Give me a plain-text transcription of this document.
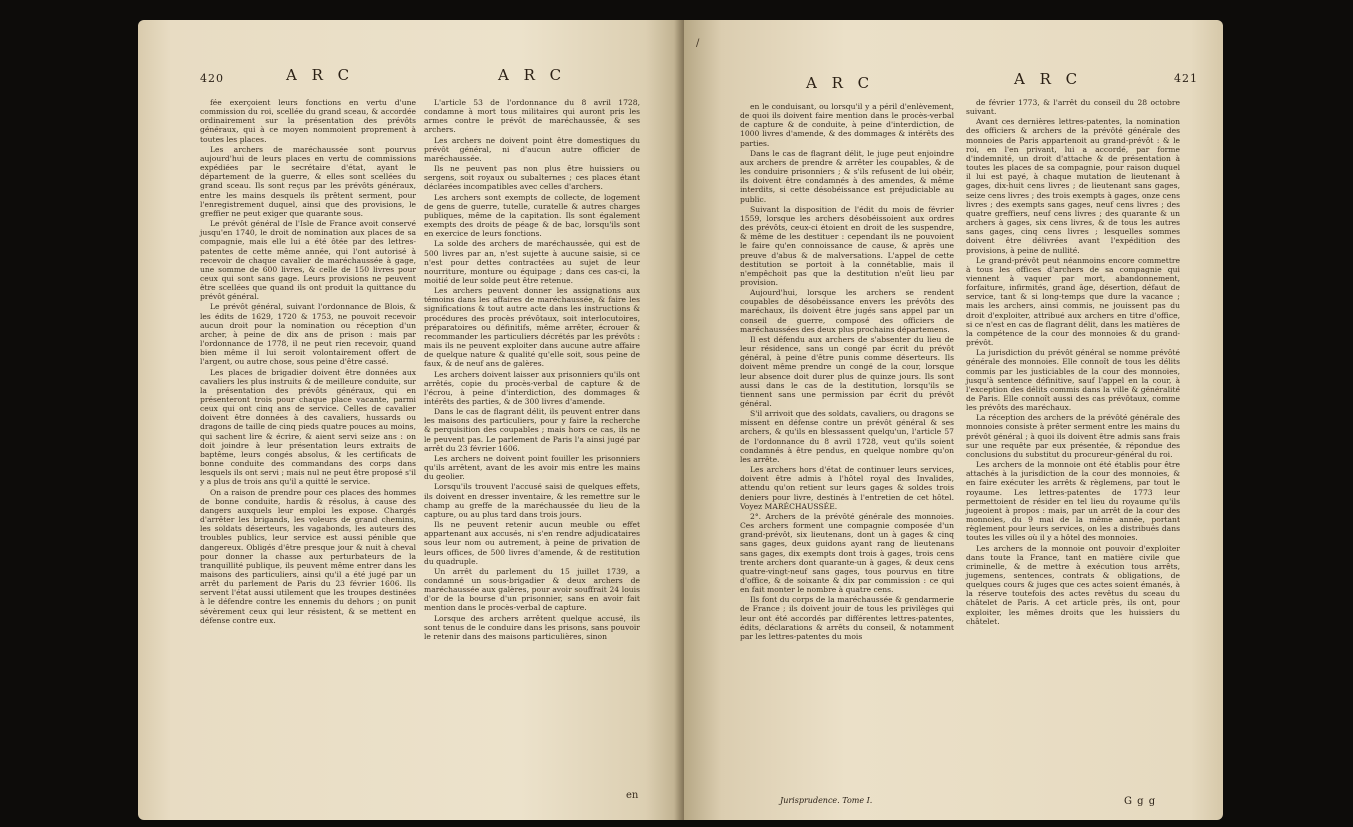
420	A R C	A R C

fée exerçoient leurs fonctions en vertu d'une commission du roi, scellée du grand sceau, & accordée ordinairement sur la présentation des prévôts généraux, qui à ce moyen nommoient proprement à toutes les places.

Les archers de maréchaussée sont pourvus aujourd'hui de leurs places en vertu de commissions expédiées par le secrétaire d'état, ayant le département de la guerre, & elles sont scellées du grand sceau. Ils sont reçus par les prévôts généraux, entre les mains desquels ils prêtent serment, pour l'enregistrement duquel, ainsi que des provisions, le greffier ne peut exiger que quarante sous.

Le prévôt général de l'Isle de France avoit conservé jusqu'en 1740, le droit de nomination aux places de sa compagnie, mais elle lui a été ôtée par des lettres-patentes de cette même année, qui l'ont autorisé à recevoir de chaque cavalier de maréchaussée à gage, une somme de 600 livres, & celle de 150 livres pour ceux qui sont sans gage. Leurs provisions ne peuvent être scellées que quand ils ont produit la quittance du prévôt général.

Le prévôt général, suivant l'ordonnance de Blois, & les édits de 1629, 1720 & 1753, ne pouvoit recevoir aucun droit pour la nomination ou réception d'un archer, à peine de dix ans de prison : mais par l'ordonnance de 1778, il ne peut rien recevoir, quand bien même il lui seroit volontairement offert de l'argent, ou autre chose, sous peine d'être cassé.

Les places de brigadier doivent être données aux cavaliers les plus instruits & de meilleure conduite, sur la présentation des prévôts généraux, qui en présenteront trois pour chaque place vacante, parmi ceux qui ont cinq ans de service. Celles de cavalier doivent être données à des cavaliers, hussards ou dragons de taille de cinq pieds quatre pouces au moins, qui sachent lire & écrire, & aient servi seize ans : on doit joindre à leur présentation leurs extraits de baptême, leurs congés absolus, & les certificats de bonne conduite des commandans des corps dans lesquels ils ont servi ; mais nul ne peut être proposé s'il y a plus de trois ans qu'il a quitté le service.

On a raison de prendre pour ces places des hommes de bonne conduite, hardis & résolus, à cause des dangers auxquels leur emploi les expose. Chargés d'arrêter les brigands, les voleurs de grand chemins, les soldats déserteurs, les vagabonds, les auteurs des troubles publics, leur service est aussi pénible que dangereux. Obligés d'être presque jour & nuit à cheval pour donner la chasse aux perturbateurs de la tranquillité publique, ils peuvent même entrer dans les maisons des particuliers, ainsi qu'il a été jugé par un arrêt du parlement de Paris du 23 février 1606. Ils servent l'état aussi utilement que les troupes destinées à le défendre contre les ennemis du dehors ; on punit sévèrement ceux qui leur résistent, & se mettent en défense contre eux.

L'article 53 de l'ordonnance du 8 avril 1728, condamne à mort tous militaires qui auront pris les armes contre le prévôt de maréchaussée, & ses archers.

Les archers ne doivent point être domestiques du prévôt général, ni d'aucun autre officier de maréchaussée.

Ils ne peuvent pas non plus être huissiers ou sergens, soit royaux ou subalternes ; ces places étant déclarées incompatibles avec celles d'archers.

Les archers sont exempts de collecte, de logement de gens de guerre, tutelle, curatelle & autres charges publiques, même de la capitation. Ils sont également exempts des droits de péage & de bac, lorsqu'ils sont en exercice de leurs fonctions.

La solde des archers de maréchaussée, qui est de 500 livres par an, n'est sujette à aucune saisie, si ce n'est pour dettes contractées au sujet de leur nourriture, monture ou équipage ; dans ces cas-ci, la moitié de leur solde peut être retenue.

Les archers peuvent donner les assignations aux témoins dans les affaires de maréchaussée, & faire les significations & tout autre acte dans les instructions & procédures des procès prévôtaux, soit interlocutoires, préparatoires ou définitifs, même arrêter, écrouer & recommander les particuliers décrétés par les prévôts : mais ils ne peuvent exploiter dans aucune autre affaire de quelque nature & qualité qu'elle soit, sous peine de faux, & de neuf ans de galères.

Les archers doivent laisser aux prisonniers qu'ils ont arrêtés, copie du procès-verbal de capture & de l'écrou, à peine d'interdiction, des dommages & intérêts des parties, & de 300 livres d'amende.

Dans le cas de flagrant délit, ils peuvent entrer dans les maisons des particuliers, pour y faire la recherche & perquisition des coupables ; mais hors ce cas, ils ne le peuvent pas. Le parlement de Paris l'a ainsi jugé par arrêt du 23 février 1606.

Les archers ne doivent point fouiller les prisonniers qu'ils arrêtent, avant de les avoir mis entre les mains du geolier.

Lorsqu'ils trouvent l'accusé saisi de quelques effets, ils doivent en dresser inventaire, & les remettre sur le champ au greffe de la maréchaussée du lieu de la capture, ou au plus tard dans trois jours.

Ils ne peuvent retenir aucun meuble ou effet appartenant aux accusés, ni s'en rendre adjudicataires sous leur nom ou autrement, à peine de privation de leurs offices, de 500 livres d'amende, & de restitution du quadruple.

Un arrêt du parlement du 15 juillet 1739, a condamné un sous-brigadier & deux archers de maréchaussée aux galères, pour avoir souffrait 24 louis d'or de la bourse d'un prisonnier, sans en avoir fait mention dans le procès-verbal de capture.

Lorsque des archers arrêtent quelque accusé, ils sont tenus de le conduire dans les prisons, sans pouvoir le retenir dans des maisons particulières, sinon

en
/
A R C	A R C	421

en le conduisant, ou lorsqu'il y a péril d'enlèvement, de quoi ils doivent faire mention dans le procès-verbal de capture & de conduite, à peine d'interdiction, de 1000 livres d'amende, & des dommages & intérêts des parties.

Dans le cas de flagrant délit, le juge peut enjoindre aux archers de prendre & arrêter les coupables, & de les conduire prisonniers ; & s'ils refusent de lui obéir, ils doivent être condamnés à des amendes, & même interdits, si cette désobéissance est préjudiciable au public.

Suivant la disposition de l'édit du mois de février 1559, lorsque les archers désobéissoient aux ordres des prévôts, ceux-ci étoient en droit de les suspendre, & même de les destituer : cependant ils ne pouvoient le faire qu'en connoissance de cause, & après une preuve d'abus & de malversations. L'appel de cette destitution se portoit à la connétablie, mais il n'empêchoit pas que la destitution n'eût lieu par provision.

Aujourd'hui, lorsque les archers se rendent coupables de désobéissance envers les prévôts des maréchaux, ils doivent être jugés sans appel par un conseil de guerre, composé des officiers de maréchaussées des deux plus prochains départemens.

Il est défendu aux archers de s'absenter du lieu de leur résidence, sans un congé par écrit du prévôt général, à peine d'être punis comme déserteurs. Ils doivent même prendre un congé de la cour, lorsque leur absence doit durer plus de quinze jours. Ils sont aussi dans le cas de la destitution, lorsqu'ils se tiennent sans une permission par écrit du prévôt général.

S'il arrivoit que des soldats, cavaliers, ou dragons se missent en défense contre un prévôt général & ses archers, & qu'ils en blessassent quelqu'un, l'article 57 de l'ordonnance du 8 avril 1728, veut qu'ils soient condamnés à être pendus, en quelque nombre qu'on les arrête.

Les archers hors d'état de continuer leurs services, doivent être admis à l'hôtel royal des Invalides, attendu qu'on retient sur leurs gages & soldes trois deniers pour livre, destinés à l'entretien de cet hôtel. Voyez MARÉCHAUSSÉE.

2°. Archers de la prévôté générale des monnoies. Ces archers forment une compagnie composée d'un grand-prévôt, six lieutenans, dont un à gages & cinq sans gages, deux guidons ayant rang de lieutenans sans gages, dix exempts dont trois à gages, trois cens trente archers dont quarante-un à gages, & deux cens quatre-vingt-neuf sans gages, tous pourvus en titre d'office, & de soixante & dix par commission : ce qui en fait monter le nombre à quatre cens.

Ils font du corps de la maréchaussée & gendarmerie de France ; ils doivent jouir de tous les privilèges qui leur ont été accordés par différentes lettres-patentes, édits, déclarations & arrêts du conseil, & notamment par les lettres-patentes du mois

de février 1773, & l'arrêt du conseil du 28 octobre suivant.

Avant ces dernières lettres-patentes, la nomination des officiers & archers de la prévôté générale des monnoies de Paris appartenoit au grand-prévôt : & le roi, en l'en privant, lui a accordé, par forme d'indemnité, un droit d'attache & de présentation à toutes les places de sa compagnie, pour raison duquel il lui est payé, à chaque mutation de lieutenant à gages, dix-huit cens livres ; de lieutenant sans gages, seize cens livres ; des trois exempts à gages, onze cens livres ; des exempts sans gages, neuf cens livres ; des quatre greffiers, neuf cens livres ; des quarante & un archers à gages, six cens livres, & de tous les autres sans gages, cinq cens livres ; lesquelles sommes doivent être délivrées avant l'expédition des provisions, à peine de nullité.

Le grand-prévôt peut néanmoins encore commettre à tous les offices d'archers de sa compagnie qui viennent à vaquer par mort, abandonnement, forfaiture, infirmités, grand âge, désertion, défaut de service, tant & si long-temps que dure la vacance ; mais les archers, ainsi commis, ne jouissent pas du droit d'exploiter, attribué aux archers en titre d'office, si ce n'est en cas de flagrant délit, dans les matières de la compétence de la cour des monnoies & du grand-prévôt.

La jurisdiction du prévôt général se nomme prévôté générale des monnoies. Elle connoît de tous les délits commis par les justiciables de la cour des monnoies, jusqu'à sentence définitive, sauf l'appel en la cour, à l'exception des délits commis dans la ville & généralité de Paris. Elle connoît aussi des cas prévôtaux, comme les prévôts des maréchaux.

La réception des archers de la prévôté générale des monnoies consiste à prêter serment entre les mains du prévôt général ; à quoi ils doivent être admis sans frais sur une requête par eux présentée, & répondue des conclusions du substitut du procureur-général du roi.

Les archers de la monnoie ont été établis pour être attachés à la jurisdiction de la cour des monnoies, & en faire exécuter les arrêts & règlemens, par tout le royaume. Les lettres-patentes de 1773 leur permettoient de résider en tel lieu du royaume qu'ils jugeoient à propos : mais, par un arrêt de la cour des monnoies, du 9 mai de la même année, portant règlement pour leurs services, on les a distribués dans toutes les villes où il y a hôtel des monnoies.

Les archers de la monnoie ont pouvoir d'exploiter dans toute la France, tant en matière civile que criminelle, & de mettre à exécution tous arrêts, jugemens, sentences, contrats & obligations, de quelques cours & juges que ces actes soient émanés, à la réserve toutefois des actes revêtus du sceau du châtelet de Paris. A cet article près, ils ont, pour exploiter, les mêmes droits que les huissiers du châtelet.

Jurisprudence. Tome I.	G g g
